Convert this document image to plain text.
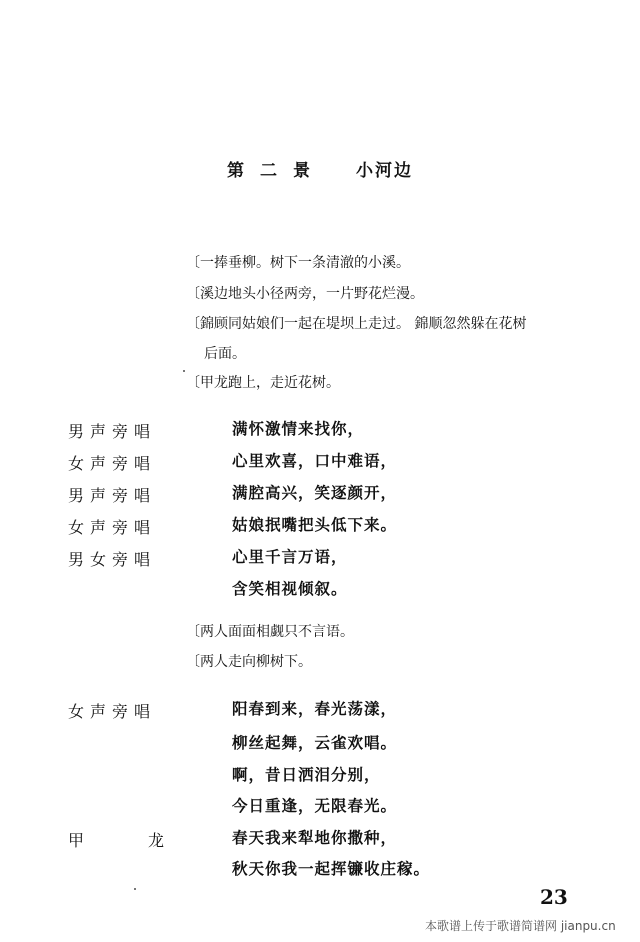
第二景 小河边
〔一捧垂柳。树下一条清澈的小溪。
〔溪边地头小径两旁，一片野花烂漫。
〔錦顾同姑娘们一起在堤坝上走过。 錦顺忽然躲在花树
后面。
〔甲龙跑上，走近花树。
男声旁唱	满怀激情来找你，
女声旁唱	心里欢喜，口中难语，
男声旁唱	满腔高兴，笑逐颜开，
女声旁唱	姑娘抿嘴把头低下来。
男女旁唱	心里千言万语，
含笑相视倾叙。
〔两人面面相觑只不言语。
〔两人走向柳树下。
女声旁唱	阳春到来，春光荡漾，
柳丝起舞，云雀欢唱。
啊，昔日洒泪分别，
今日重逢，无限春光。
甲	龙	春天我来犁地你撒种，
秋天你我一起挥镰收庄稼。
23
本歌谱上传于歌谱简谱网 jianpu.cn
